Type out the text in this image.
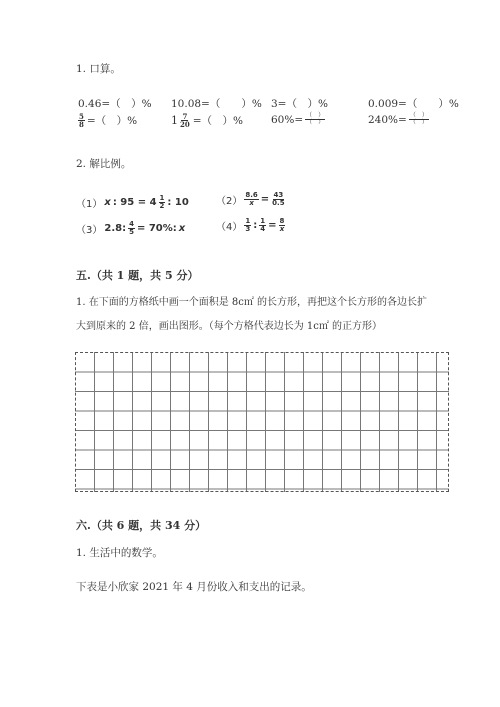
1. 口算。
0.46=（　）% 10.08=（　　）% 3=（　）%	0.009=（　　）%
$\frac{5}{8}$ =（　）%	$1 \frac{7}{20}$ =（　）%	$60\%= \frac{( )}{( )}$	$240\%= \frac{( )}{( )}$
2. 解比例。
（1） x : $95 = 4 \frac{1}{2}$ : 10	$(2) \frac{8.6}{x} = \frac{43}{0.5}$
（3） 2.8: $\frac{4}{5} = 70\%$: x	$(4) \frac{1}{3}$ : $\frac{1}{4} = \frac{8}{x}$
五.（共 1 题，共 5 分）
1. 在下面的方格纸中画一个面积是 8c㎡ 的长方形，再把这个长方形的各边长扩
大到原来的 2 倍，画出图形。（每个方格代表边长为 1c㎡ 的正方形）
六.（共 6 题，共 34 分）
1. 生活中的数学。
下表是小欣家 2021 年 4 月份收入和支出的记录。
